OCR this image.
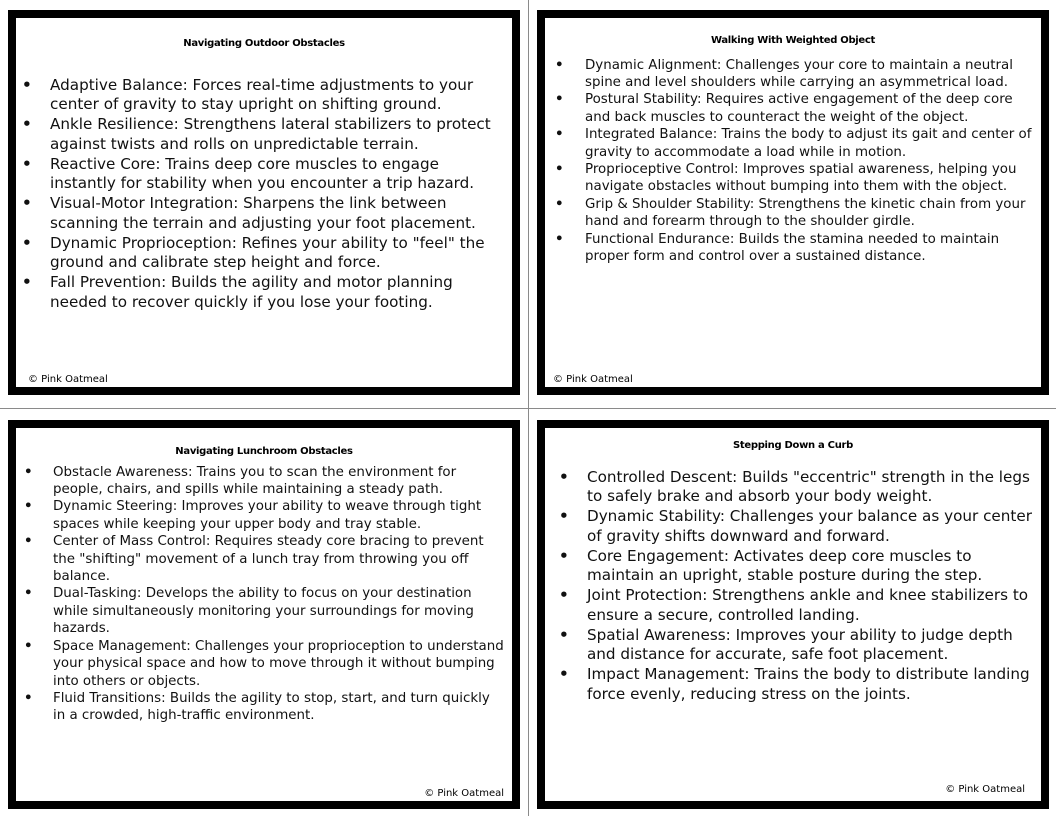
Navigating Outdoor Obstacles
• Adaptive Balance: Forces real-time adjustments to your center of gravity to stay upright on shifting ground.
• Ankle Resilience: Strengthens lateral stabilizers to protect against twists and rolls on unpredictable terrain.
• Reactive Core: Trains deep core muscles to engage instantly for stability when you encounter a trip hazard.
• Visual-Motor Integration: Sharpens the link between scanning the terrain and adjusting your foot placement.
• Dynamic Proprioception: Refines your ability to "feel" the ground and calibrate step height and force.
• Fall Prevention: Builds the agility and motor planning needed to recover quickly if you lose your footing.
© Pink Oatmeal
Walking With Weighted Object
• Dynamic Alignment: Challenges your core to maintain a neutral spine and level shoulders while carrying an asymmetrical load.
• Postural Stability: Requires active engagement of the deep core and back muscles to counteract the weight of the object.
• Integrated Balance: Trains the body to adjust its gait and center of gravity to accommodate a load while in motion.
• Proprioceptive Control: Improves spatial awareness, helping you navigate obstacles without bumping into them with the object.
• Grip & Shoulder Stability: Strengthens the kinetic chain from your hand and forearm through to the shoulder girdle.
• Functional Endurance: Builds the stamina needed to maintain proper form and control over a sustained distance.
© Pink Oatmeal
Navigating Lunchroom Obstacles
• Obstacle Awareness: Trains you to scan the environment for people, chairs, and spills while maintaining a steady path.
• Dynamic Steering: Improves your ability to weave through tight spaces while keeping your upper body and tray stable.
• Center of Mass Control: Requires steady core bracing to prevent the "shifting" movement of a lunch tray from throwing you off balance.
• Dual-Tasking: Develops the ability to focus on your destination while simultaneously monitoring your surroundings for moving hazards.
• Space Management: Challenges your proprioception to understand your physical space and how to move through it without bumping into others or objects.
• Fluid Transitions: Builds the agility to stop, start, and turn quickly in a crowded, high-traffic environment.
© Pink Oatmeal
Stepping Down a Curb
• Controlled Descent: Builds "eccentric" strength in the legs to safely brake and absorb your body weight.
• Dynamic Stability: Challenges your balance as your center of gravity shifts downward and forward.
• Core Engagement: Activates deep core muscles to maintain an upright, stable posture during the step.
• Joint Protection: Strengthens ankle and knee stabilizers to ensure a secure, controlled landing.
• Spatial Awareness: Improves your ability to judge depth and distance for accurate, safe foot placement.
• Impact Management: Trains the body to distribute landing force evenly, reducing stress on the joints.
© Pink Oatmeal
